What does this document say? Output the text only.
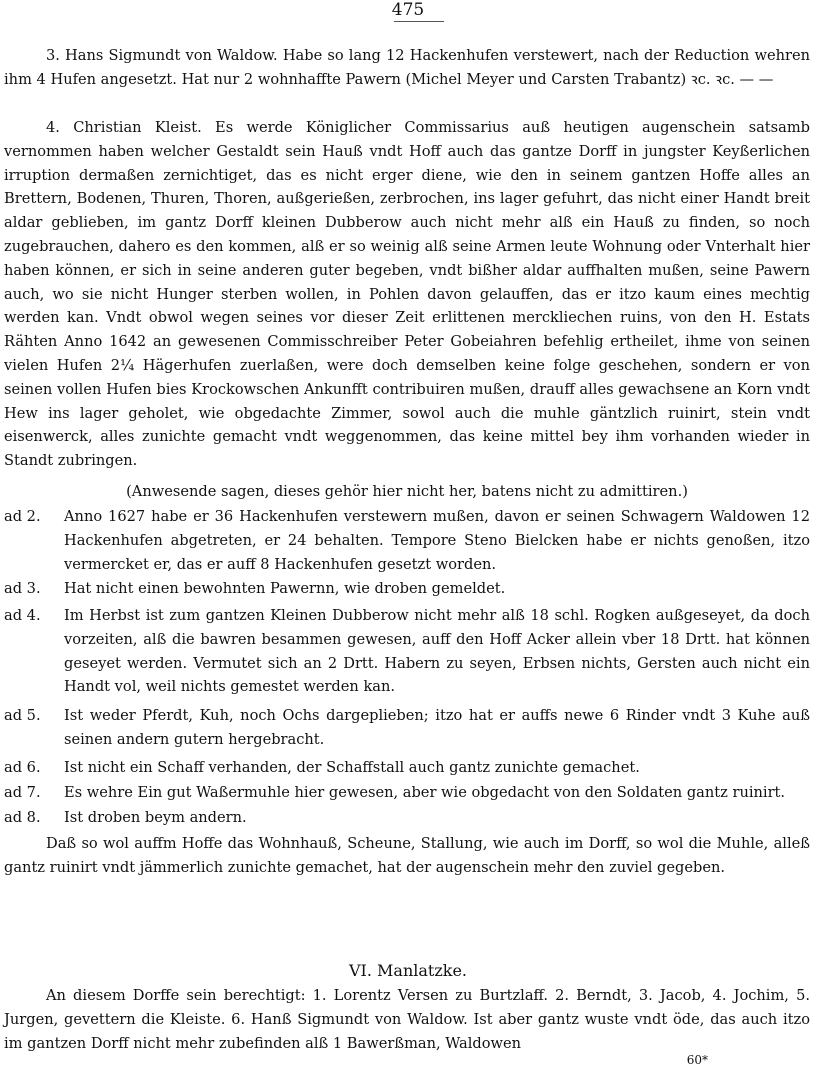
475

3. Hans Sigmundt von Waldow. Habe so lang 12 Hackenhufen verstewert, nach der Reduction wehren ihm 4 Hufen angesetzt. Hat nur 2 wohnhaffte Pawern (Michel Meyer und Carsten Trabantz) ꝛc. ꝛc. — —

4. Christian Kleist. Es werde Königlicher Commissarius auß heutigen augenschein satsamb vernommen haben welcher Gestaldt sein Hauß vndt Hoff auch das gantze Dorff in jungster Keyßerlichen irruption dermaßen zernichtiget, das es nicht erger diene, wie den in seinem gantzen Hoffe alles an Brettern, Bodenen, Thuren, Thoren, außgerießen, zerbrochen, ins lager gefuhrt, das nicht einer Handt breit aldar geblieben, im gantz Dorff kleinen Dubberow auch nicht mehr alß ein Hauß zu finden, so noch zugebrauchen, dahero es den kommen, alß er so weinig alß seine Armen leute Wohnung oder Vnterhalt hier haben können, er sich in seine anderen guter begeben, vndt bißher aldar auffhalten mußen, seine Pawern auch, wo sie nicht Hunger sterben wollen, in Pohlen davon gelauffen, das er itzo kaum eines mechtig werden kan. Vndt obwol wegen seines vor dieser Zeit erlittenen merckliechen ruins, von den H. Estats Rähten Anno 1642 an gewesenen Commisschreiber Peter Gobeiahren befehlig ertheilet, ihme von seinen vielen Hufen 2¼ Hägerhufen zuerlaßen, were doch demselben keine folge geschehen, sondern er von seinen vollen Hufen bies Krockowschen Ankunfft contribuiren mußen, drauff alles gewachsene an Korn vndt Hew ins lager geholet, wie obgedachte Zimmer, sowol auch die muhle gäntzlich ruinirt, stein vndt eisenwerck, alles zunichte gemacht vndt weggenommen, das keine mittel bey ihm vorhanden wieder in Standt zubringen.

(Anwesende sagen, dieses gehör hier nicht her, batens nicht zu admittiren.)

ad 2.	Anno 1627 habe er 36 Hackenhufen verstewern mußen, davon er seinen Schwagern Waldowen 12 Hackenhufen abgetreten, er 24 behalten. Tempore Steno Bielcken habe er nichts genoßen, itzo vermercket er, das er auff 8 Hackenhufen gesetzt worden.

ad 3.	Hat nicht einen bewohnten Pawernn, wie droben gemeldet.

ad 4.	Im Herbst ist zum gantzen Kleinen Dubberow nicht mehr alß 18 schl. Rogken außgeseyet, da doch vorzeiten, alß die bawren besammen gewesen, auff den Hoff Acker allein vber 18 Drtt. hat können geseyet werden. Vermutet sich an 2 Drtt. Habern zu seyen, Erbsen nichts, Gersten auch nicht ein Handt vol, weil nichts gemestet werden kan.

ad 5.	Ist weder Pferdt, Kuh, noch Ochs dargeplieben; itzo hat er auffs newe 6 Rinder vndt 3 Kuhe auß seinen andern gutern hergebracht.

ad 6.	Ist nicht ein Schaff verhanden, der Schaffstall auch gantz zunichte gemachet.

ad 7.	Es wehre Ein gut Waßermuhle hier gewesen, aber wie obgedacht von den Soldaten gantz ruinirt.

ad 8.	Ist droben beym andern.

Daß so wol auffm Hoffe das Wohnhauß, Scheune, Stallung, wie auch im Dorff, so wol die Muhle, alleß gantz ruinirt vndt jämmerlich zunichte gemachet, hat der augenschein mehr den zuviel gegeben.

VI. Manlatzke.

An diesem Dorffe sein berechtigt: 1. Lorentz Versen zu Burtzlaff. 2. Berndt, 3. Jacob, 4. Jochim, 5. Jurgen, gevettern die Kleiste. 6. Hanß Sigmundt von Waldow. Ist aber gantz wuste vndt öde, das auch itzo im gantzen Dorff nicht mehr zubefinden alß 1 Bawerßman, Waldowen

60*
